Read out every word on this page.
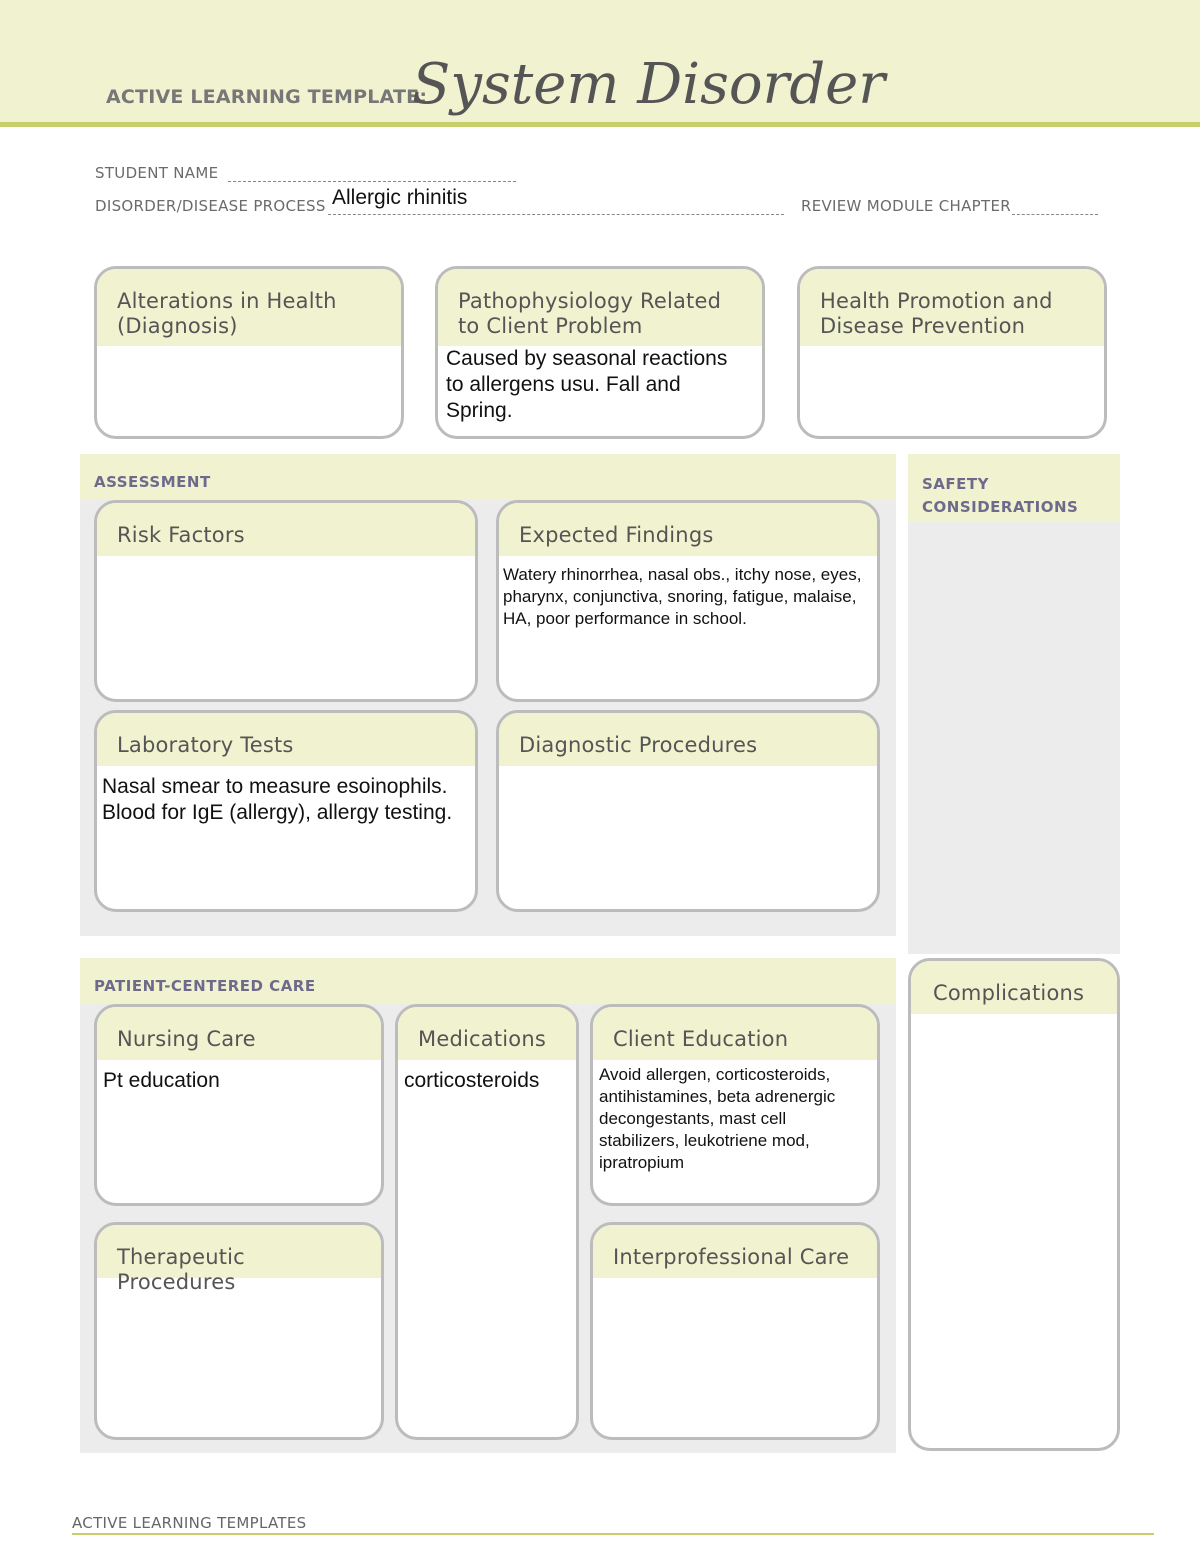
ACTIVE LEARNING TEMPLATE:
System Disorder
STUDENT NAME
DISORDER/DISEASE PROCESS Allergic rhinitis	REVIEW MODULE CHAPTER
Alterations in Health (Diagnosis)
Pathophysiology Related to Client Problem
Caused by seasonal reactions to allergens usu. Fall and Spring.
Health Promotion and Disease Prevention
ASSESSMENT
Risk Factors	Expected Findings
Watery rhinorrhea, nasal obs., itchy nose, eyes, pharynx, conjunctiva, snoring, fatigue, malaise, HA, poor performance in school.
Laboratory Tests
Nasal smear to measure esoinophils. Blood for IgE (allergy), allergy testing.
Diagnostic Procedures
SAFETY CONSIDERATIONS
Complications
PATIENT-CENTERED CARE
Nursing Care
Pt education
Medications
corticosteroids
Client Education
Avoid allergen, corticosteroids, antihistamines, beta adrenergic decongestants, mast cell stabilizers, leukotriene mod, ipratropium
Therapeutic Procedures
Interprofessional Care
ACTIVE LEARNING TEMPLATES
